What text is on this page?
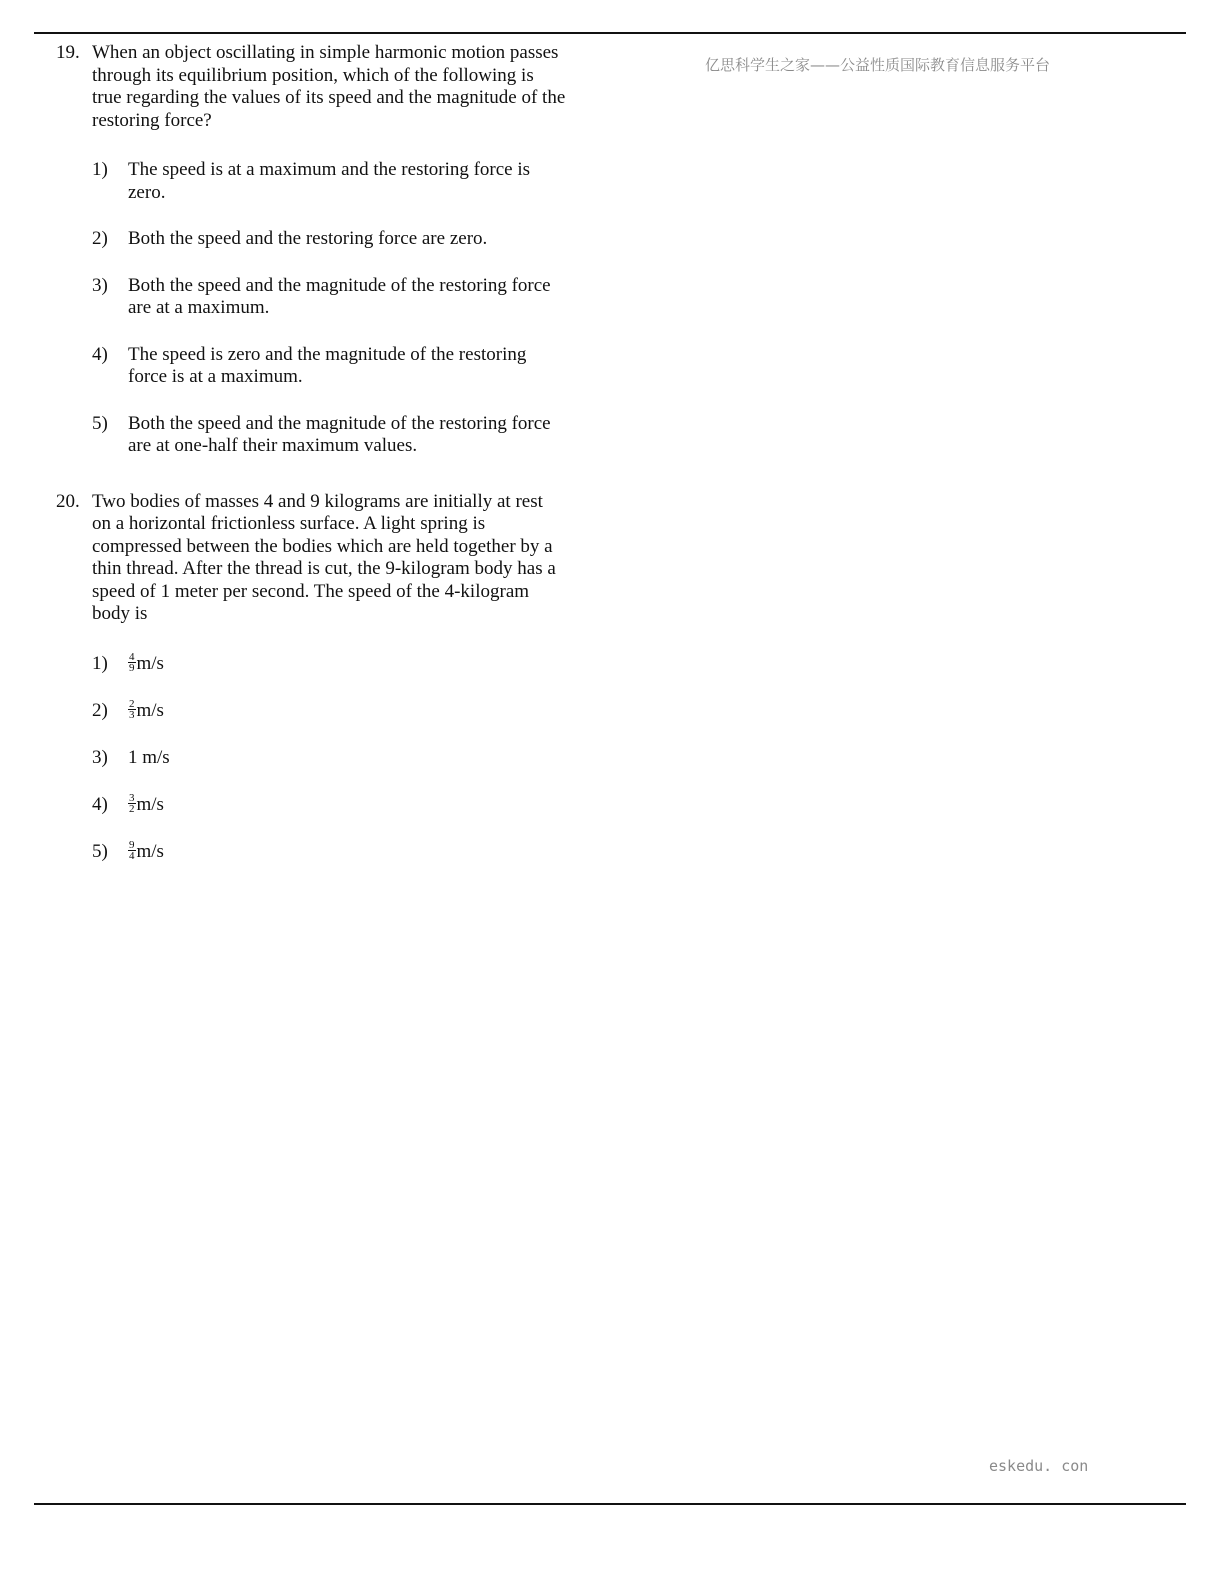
亿思科学生之家——公益性质国际教育信息服务平台
19. When an object oscillating in simple harmonic motion passes through its equilibrium position, which of the following is true regarding the values of its speed and the magnitude of the restoring force?
1) The speed is at a maximum and the restoring force is zero.
2) Both the speed and the restoring force are zero.
3) Both the speed and the magnitude of the restoring force are at a maximum.
4) The speed is zero and the magnitude of the restoring force is at a maximum.
5) Both the speed and the magnitude of the restoring force are at one-half their maximum values.
20. Two bodies of masses 4 and 9 kilograms are initially at rest on a horizontal frictionless surface. A light spring is compressed between the bodies which are held together by a thin thread. After the thread is cut, the 9-kilogram body has a speed of 1 meter per second. The speed of the 4-kilogram body is
$1) \frac{4}{9} m/s$
$2) \frac{2}{3} m/s$
3) 1 m/s
$4) \frac{3}{2} m/s$
$5) \frac{9}{4} m/s$
eskedu. con
